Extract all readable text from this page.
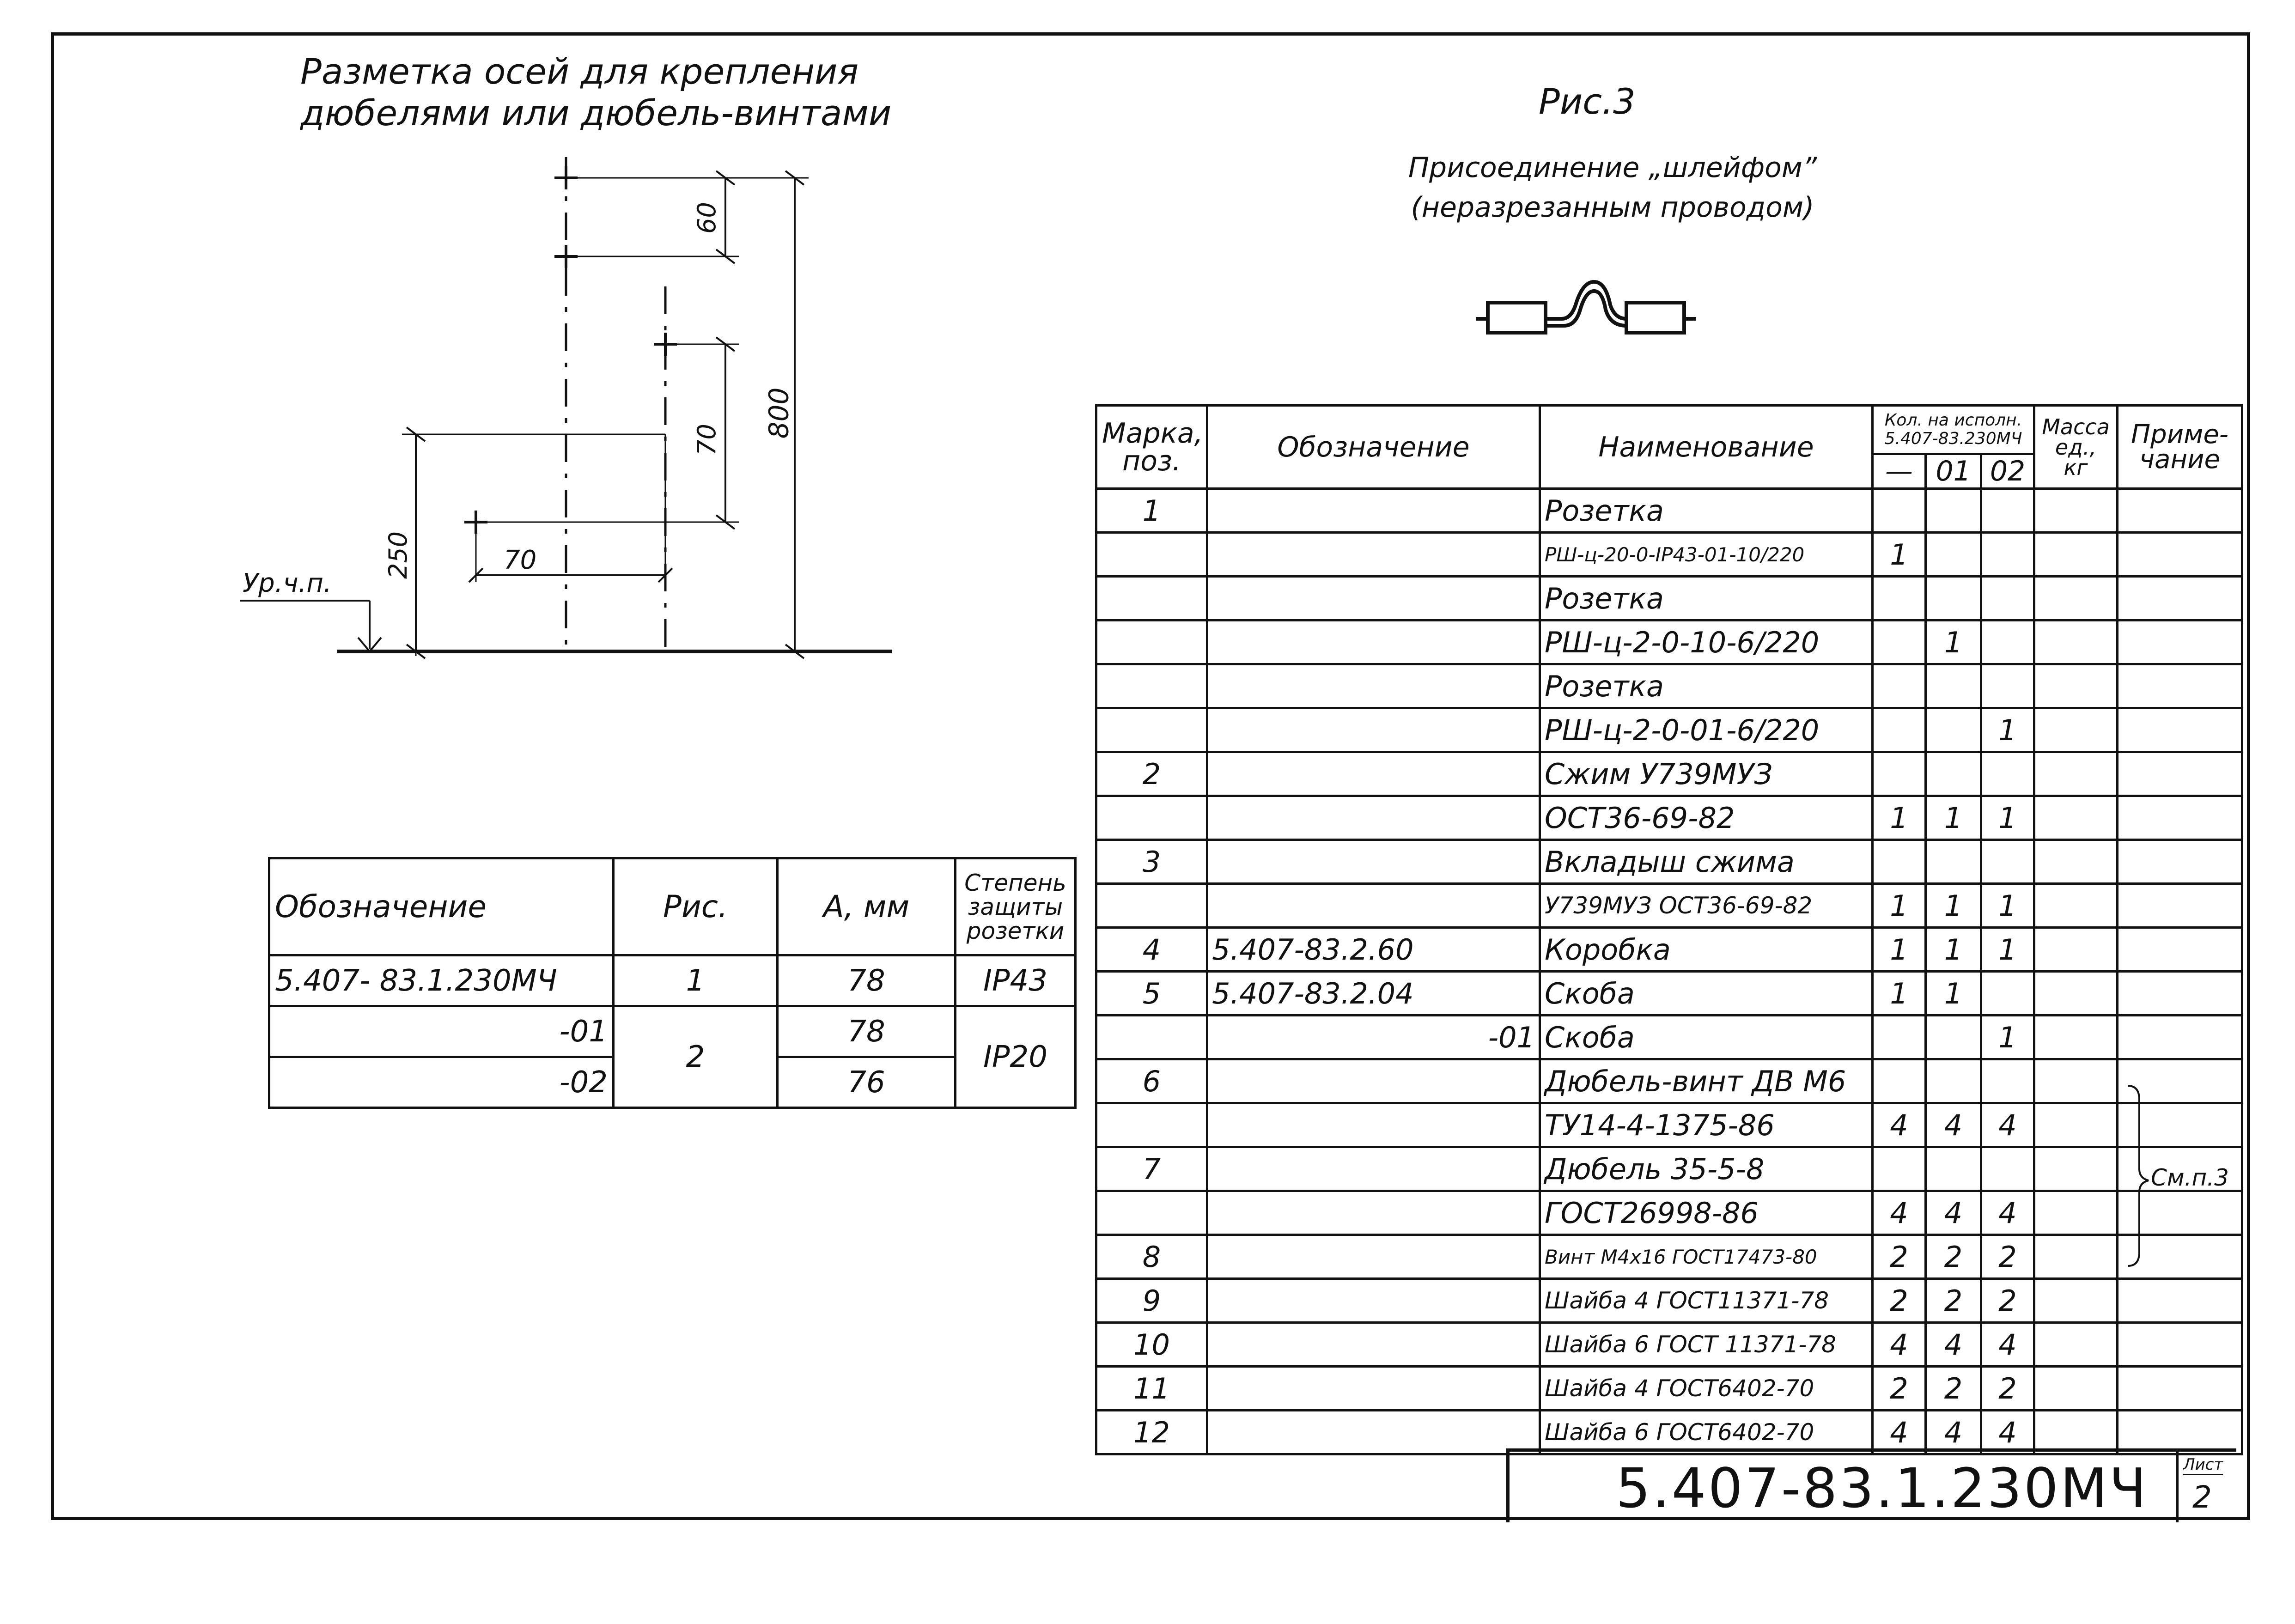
Разметка осей для крепления
дюбелями или дюбель-винтами	Рис.3
Присоединение „шлейфом”
(неразрезанным проводом)
60
70
800
250	70
Ур.ч.п.
Обозначение	Рис.	А, мм	Степень защиты розетки

5.407- 83.1.230МЧ	1	78	IP43
-01	2	78	IP20
-02		76	
Марка, поз.	Обозначение	Наименование	Кол. на исполн. 5.407-83.230МЧ			Масса ед., кг	Приме- чание

			—	01	02		
1		Розетка					
		РШ-ц-20-0-IP43-01-10/220	1				
		Розетка					
		РШ-ц-2-0-10-6/220		1			
		Розетка					
		РШ-ц-2-0-01-6/220			1		
2		Сжим У739МУЗ					
		ОСТ36-69-82	1	1	1		
3		Вкладыш сжима					
		У739МУЗ ОСТ36-69-82	1	1	1		
4	5.407-83.2.60	Коробка	1	1	1		
5	5.407-83.2.04	Скоба	1	1			
	-01	Скоба			1		
6		Дюбель-винт ДВ М6					
		ТУ14-4-1375-86	4	4	4		
7		Дюбель 35-5-8					
		ГОСТ26998-86	4	4	4		
8		Винт М4х16 ГОСТ17473-80	2	2	2		
9		Шайба 4 ГОСТ11371-78	2	2	2		
10		Шайба 6 ГОСТ 11371-78	4	4	4		
11		Шайба 4 ГОСТ6402-70	2	2	2		
12		Шайба 6 ГОСТ6402-70	4	4	4		
См.п.3
5.407-83.1.230МЧ Лист
2
